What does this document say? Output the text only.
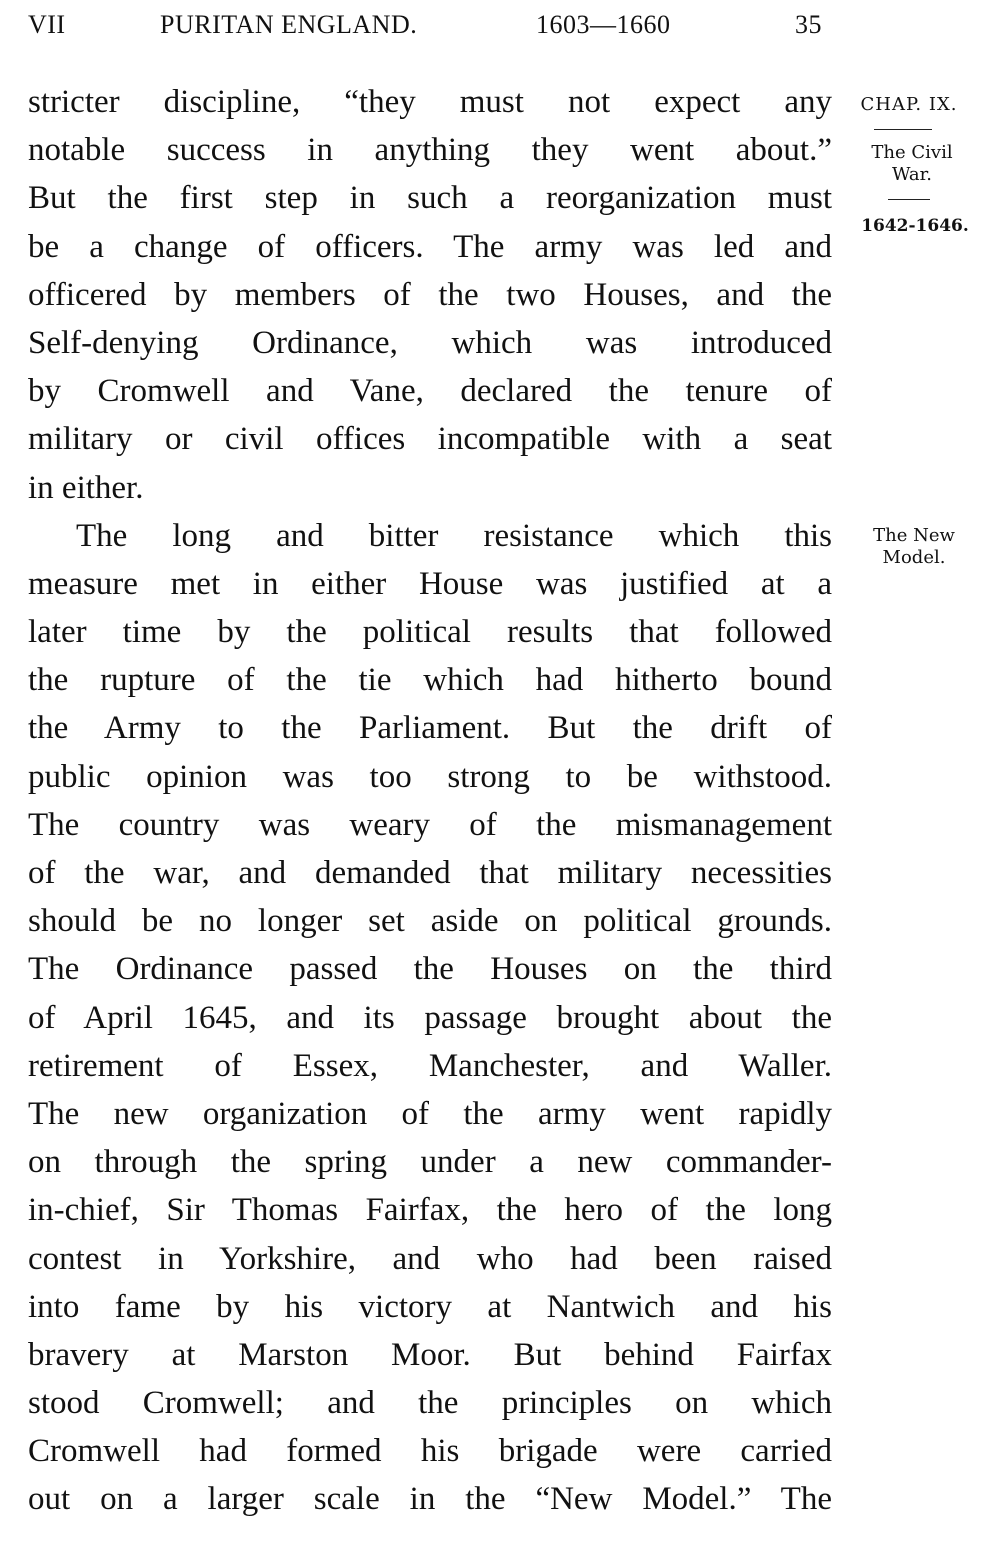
VII	PURITAN ENGLAND.	1603—1660	35
stricter discipline, “they must not expect any
notable success in anything they went about.”
But the first step in such a reorganization must
be a change of officers. The army was led and
officered by members of the two Houses, and the
Self-denying Ordinance, which was introduced
by Cromwell and Vane, declared the tenure of
military or civil offices incompatible with a seat
in either.
The long and bitter resistance which this
measure met in either House was justified at a
later time by the political results that followed
the rupture of the tie which had hitherto bound
the Army to the Parliament. But the drift of
public opinion was too strong to be withstood.
The country was weary of the mismanagement
of the war, and demanded that military necessities
should be no longer set aside on political grounds.
The Ordinance passed the Houses on the third
of April 1645, and its passage brought about the
retirement of Essex, Manchester, and Waller.
The new organization of the army went rapidly
on through the spring under a new commander-
in-chief, Sir Thomas Fairfax, the hero of the long
contest in Yorkshire, and who had been raised
into fame by his victory at Nantwich and his
bravery at Marston Moor. But behind Fairfax
stood Cromwell; and the principles on which
Cromwell had formed his brigade were carried
out on a larger scale in the “New Model.” The
CHAP. IX.
The Civil War.
1642-1646.
The New Model.
